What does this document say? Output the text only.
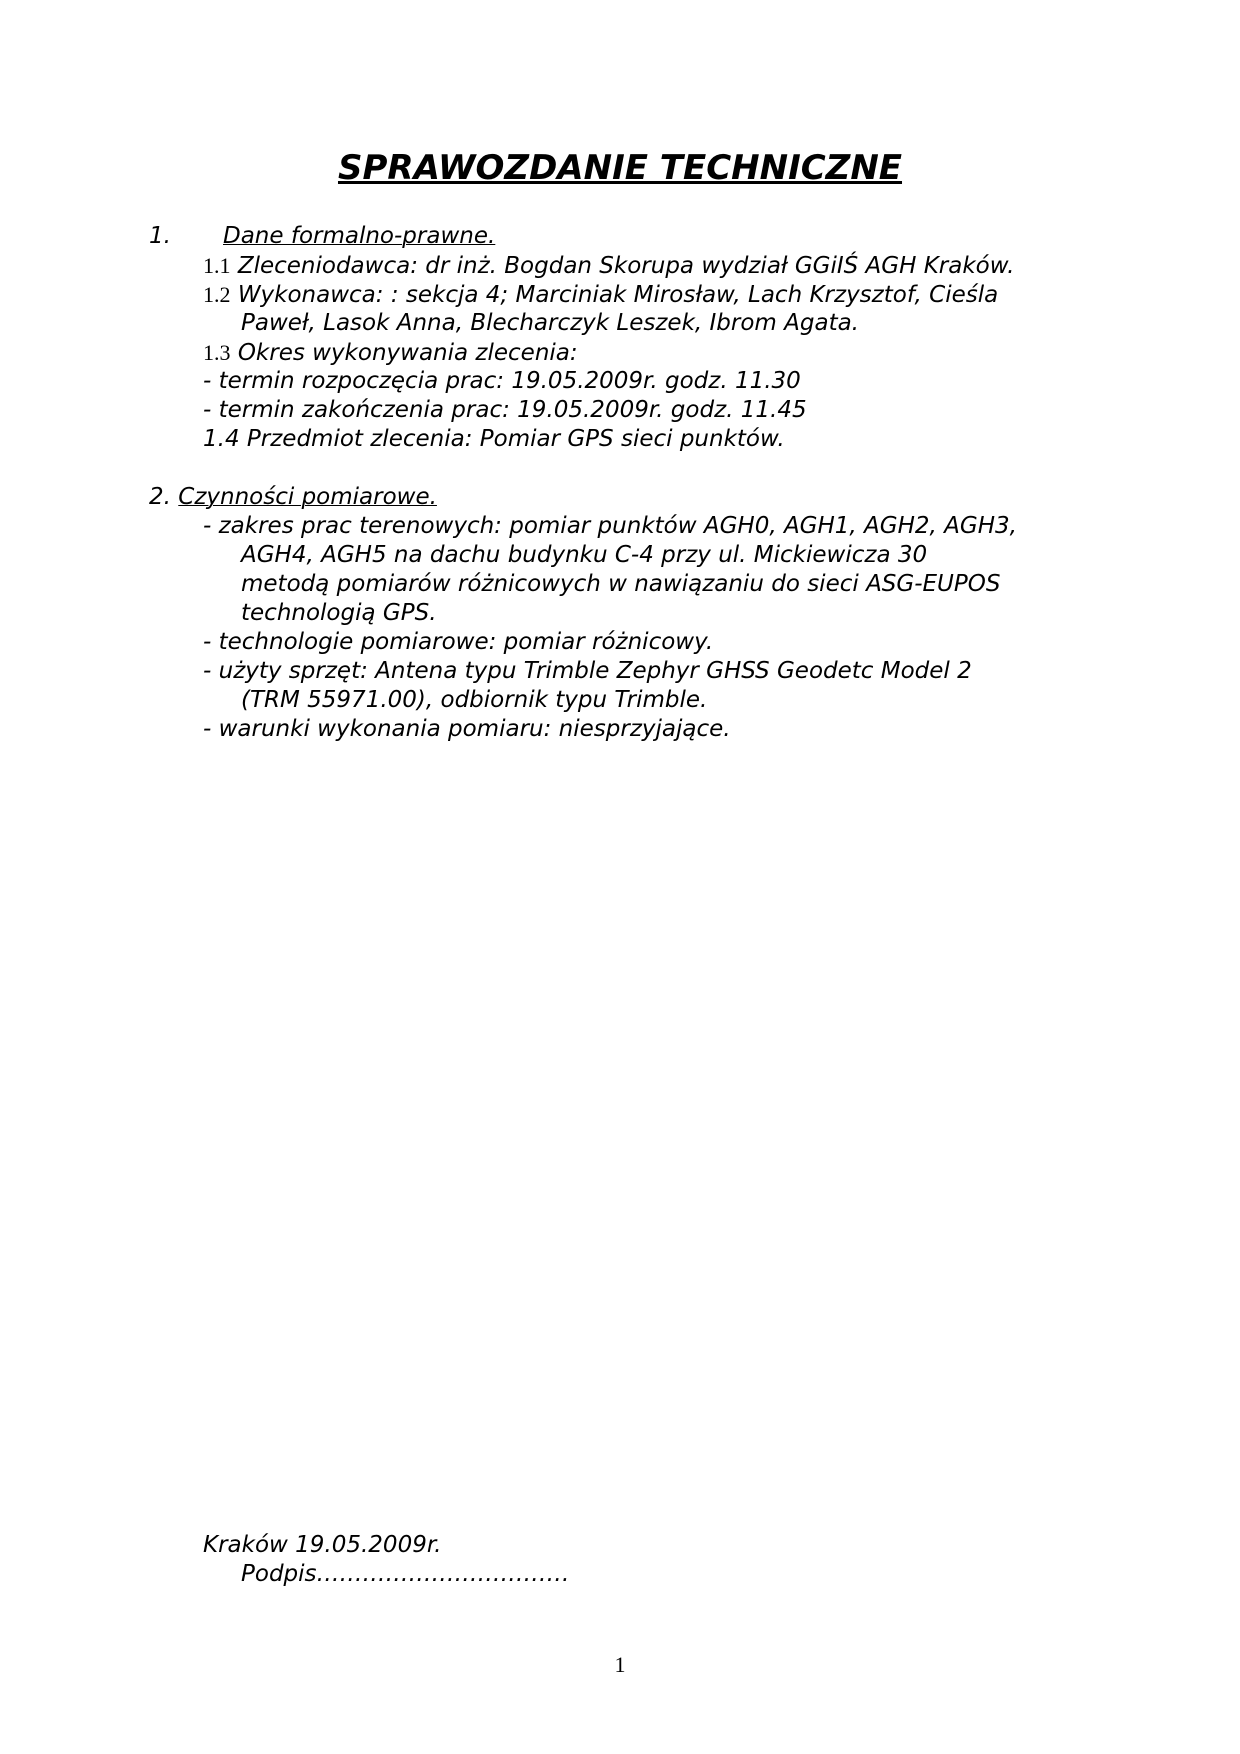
SPRAWOZDANIE TECHNICZNE
1. Dane formalno-prawne.
1.1 Zleceniodawca: dr inż. Bogdan Skorupa wydział GGiIŚ AGH Kraków.
1.2 Wykonawca: : sekcja 4; Marciniak Mirosław, Lach Krzysztof, Cieśla
Paweł, Lasok Anna, Blecharczyk Leszek, Ibrom Agata.
1.3 Okres wykonywania zlecenia:
- termin rozpoczęcia prac: 19.05.2009r. godz. 11.30
- termin zakończenia prac: 19.05.2009r. godz. 11.45
1.4 Przedmiot zlecenia: Pomiar GPS sieci punktów.
2. Czynności pomiarowe.
- zakres prac terenowych: pomiar punktów AGH0, AGH1, AGH2, AGH3,
AGH4, AGH5 na dachu budynku C-4 przy ul. Mickiewicza 30
metodą pomiarów różnicowych w nawiązaniu do sieci ASG-EUPOS
technologią GPS.
- technologie pomiarowe: pomiar różnicowy.
- użyty sprzęt: Antena typu Trimble Zephyr GHSS Geodetc Model 2
(TRM 55971.00), odbiornik typu Trimble.
- warunki wykonania pomiaru: niesprzyjające.
Kraków 19.05.2009r.
Podpis……………………………
1
